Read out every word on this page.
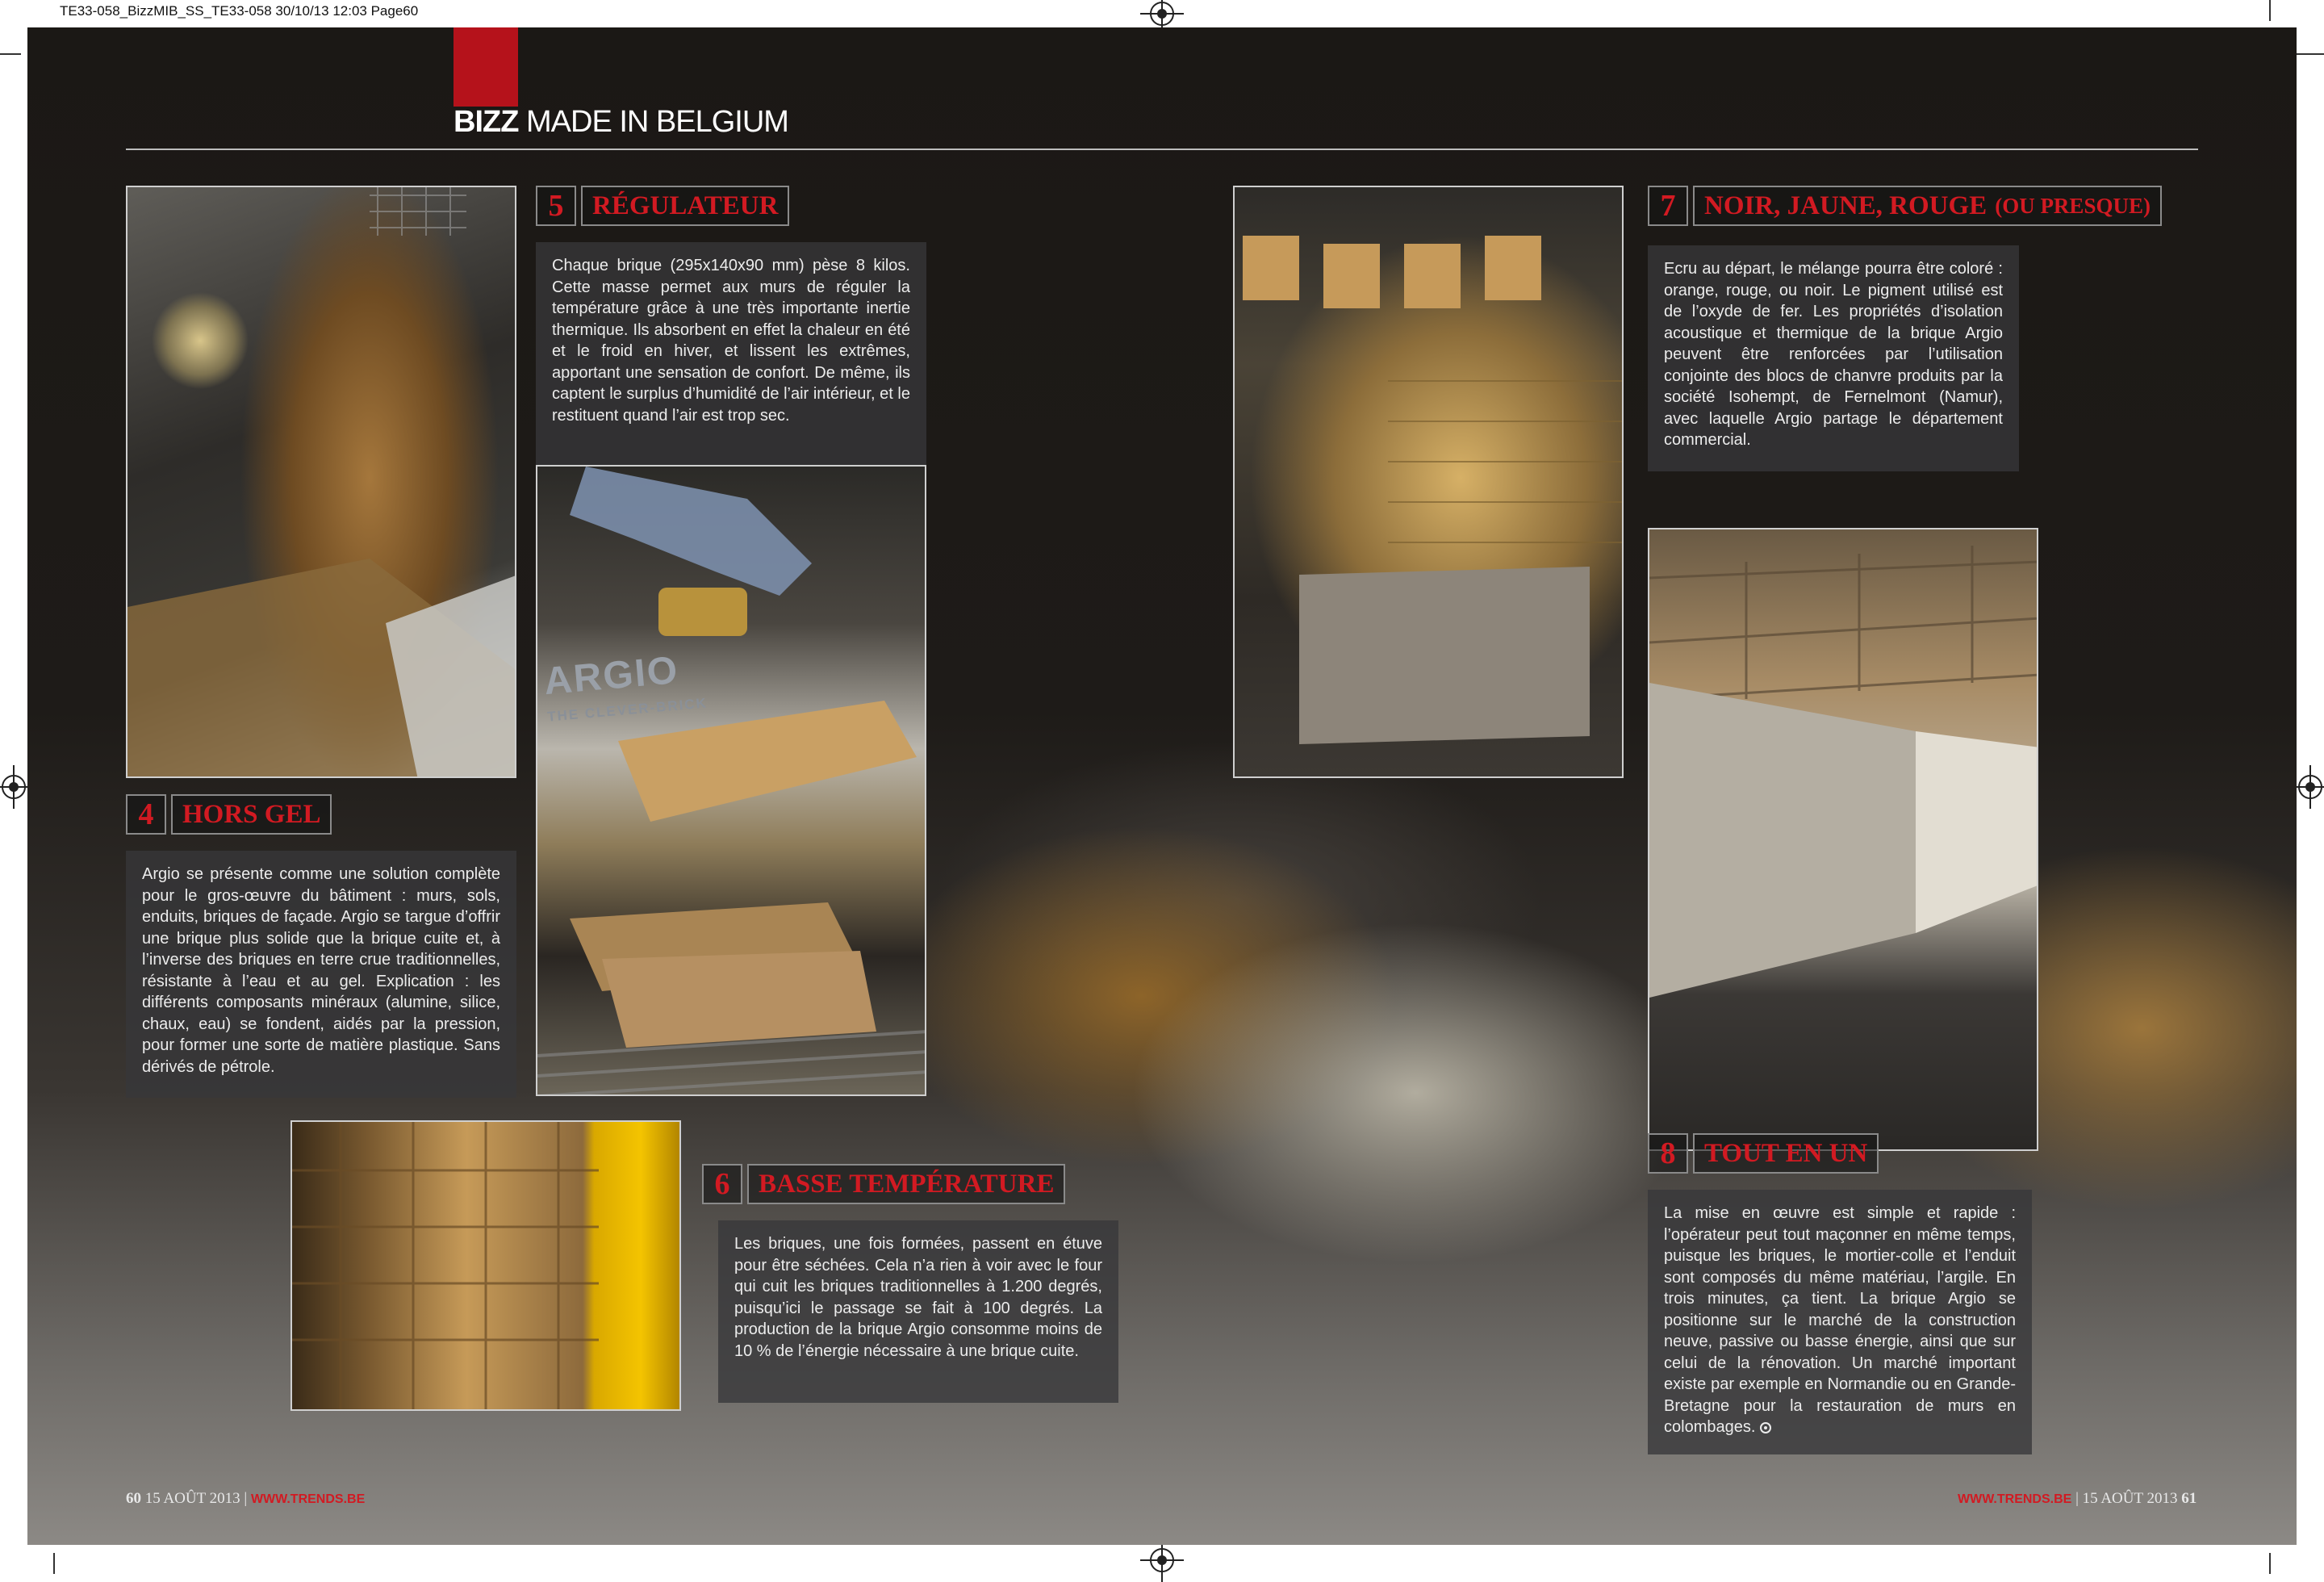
TE33-058_BizzMIB_SS_TE33-058 30/10/13 12:03 Page60
BIZZ MADE IN BELGIUM
4	HORS GEL
Argio se présente comme une solution complète pour le gros-œuvre du bâtiment : murs, sols, enduits, briques de façade. Argio se targue d’offrir une brique plus solide que la brique cuite et, à l’inverse des briques en terre crue traditionnelles, résistante à l’eau et au gel. Explication : les différents composants minéraux (alumine, silice, chaux, eau) se fondent, aidés par la pression, pour former une sorte de matière plastique. Sans dérivés de pétrole.
5	RÉGULATEUR
Chaque brique (295x140x90 mm) pèse 8 kilos. Cette masse permet aux murs de réguler la température grâce à une très importante inertie thermique. Ils absorbent en effet la chaleur en été et le froid en hiver, et lissent les extrêmes, apportant une sensation de confort. De même, ils captent le surplus d’humidité de l’air intérieur, et le restituent quand l’air est trop sec.
ARGIO
THE CLEVER-BRICK
6	BASSE TEMPÉRATURE
Les briques, une fois formées, passent en étuve pour être séchées. Cela n’a rien à voir avec le four qui cuit les briques traditionnelles à 1.200 degrés, puisqu’ici le passage se fait à 100 degrés. La production de la brique Argio consomme moins de 10 % de l’énergie nécessaire à une brique cuite.
7	NOIR, JAUNE, ROUGE (OU PRESQUE)
Ecru au départ, le mélange pourra être coloré : orange, rouge, ou noir. Le pigment utilisé est de l’oxyde de fer. Les propriétés d’isolation acoustique et thermique de la brique Argio peuvent être renforcées par l’utilisation conjointe des blocs de chanvre produits par la société Isohempt, de Fernelmont (Namur), avec laquelle Argio partage le département commercial.
8	TOUT EN UN
La mise en œuvre est simple et rapide : l’opérateur peut tout maçonner en même temps, puisque les briques, le mortier-colle et l’enduit sont composés du même matériau, l’argile. En trois minutes, ça tient. La brique Argio se positionne sur le marché de la construction neuve, passive ou basse énergie, ainsi que sur celui de la rénovation. Un marché important existe par exemple en Normandie ou en Grande-Bretagne pour la restauration de murs en colombages.
60 15 AOÛT 2013 | WWW.TRENDS.BE	WWW.TRENDS.BE | 15 AOÛT 2013 61
